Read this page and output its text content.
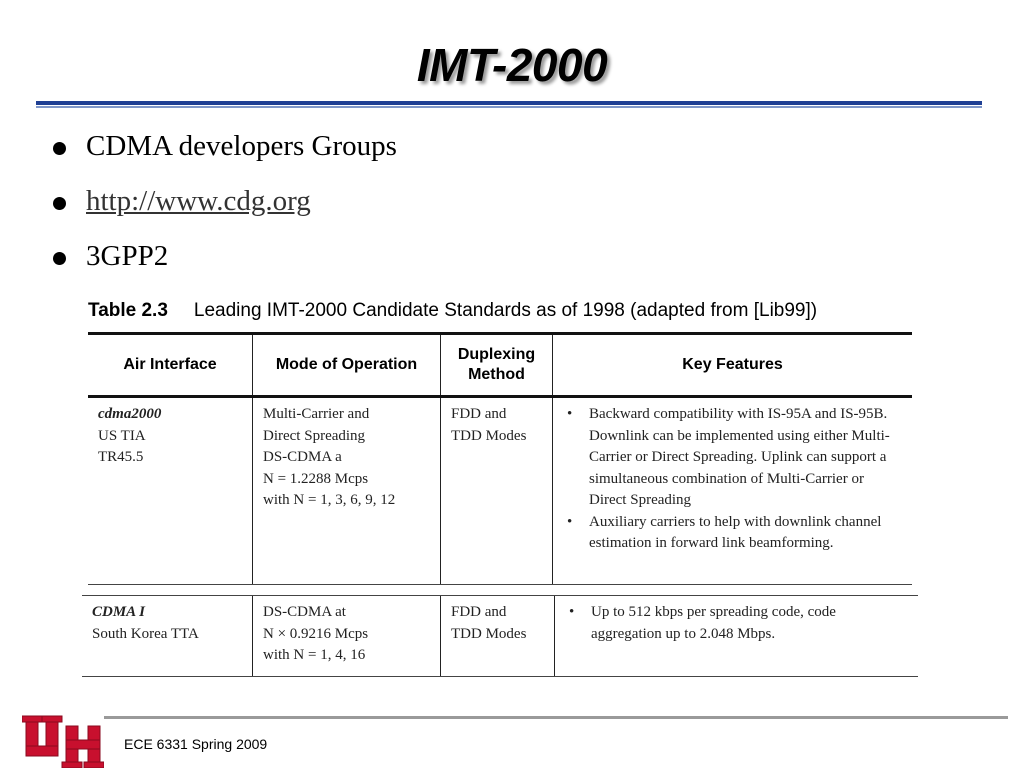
IMT-2000
CDMA developers Groups
http://www.cdg.org
3GPP2
Table 2.3 Leading IMT-2000 Candidate Standards as of 1998 (adapted from [Lib99])
Air Interface	Mode of Operation
Duplexing Method
Key Features
cdma2000
US TIA
TR45.5
Multi-Carrier and
Direct Spreading
DS-CDMA a
N = 1.2288 Mcps
with N = 1, 3, 6, 9, 12
FDD and
TDD Modes
• Backward compatibility with IS-95A and IS-95B. Downlink can be implemented using either Multi-Carrier or Direct Spreading. Uplink can support a simultaneous combination of Multi-Carrier or Direct Spreading
• Auxiliary carriers to help with downlink channel estimation in forward link beamforming.
CDMA I
South Korea TTA
DS-CDMA at
N × 0.9216 Mcps
with N = 1, 4, 16
FDD and
TDD Modes
• Up to 512 kbps per spreading code, code aggregation up to 2.048 Mbps.
ECE 6331 Spring 2009
